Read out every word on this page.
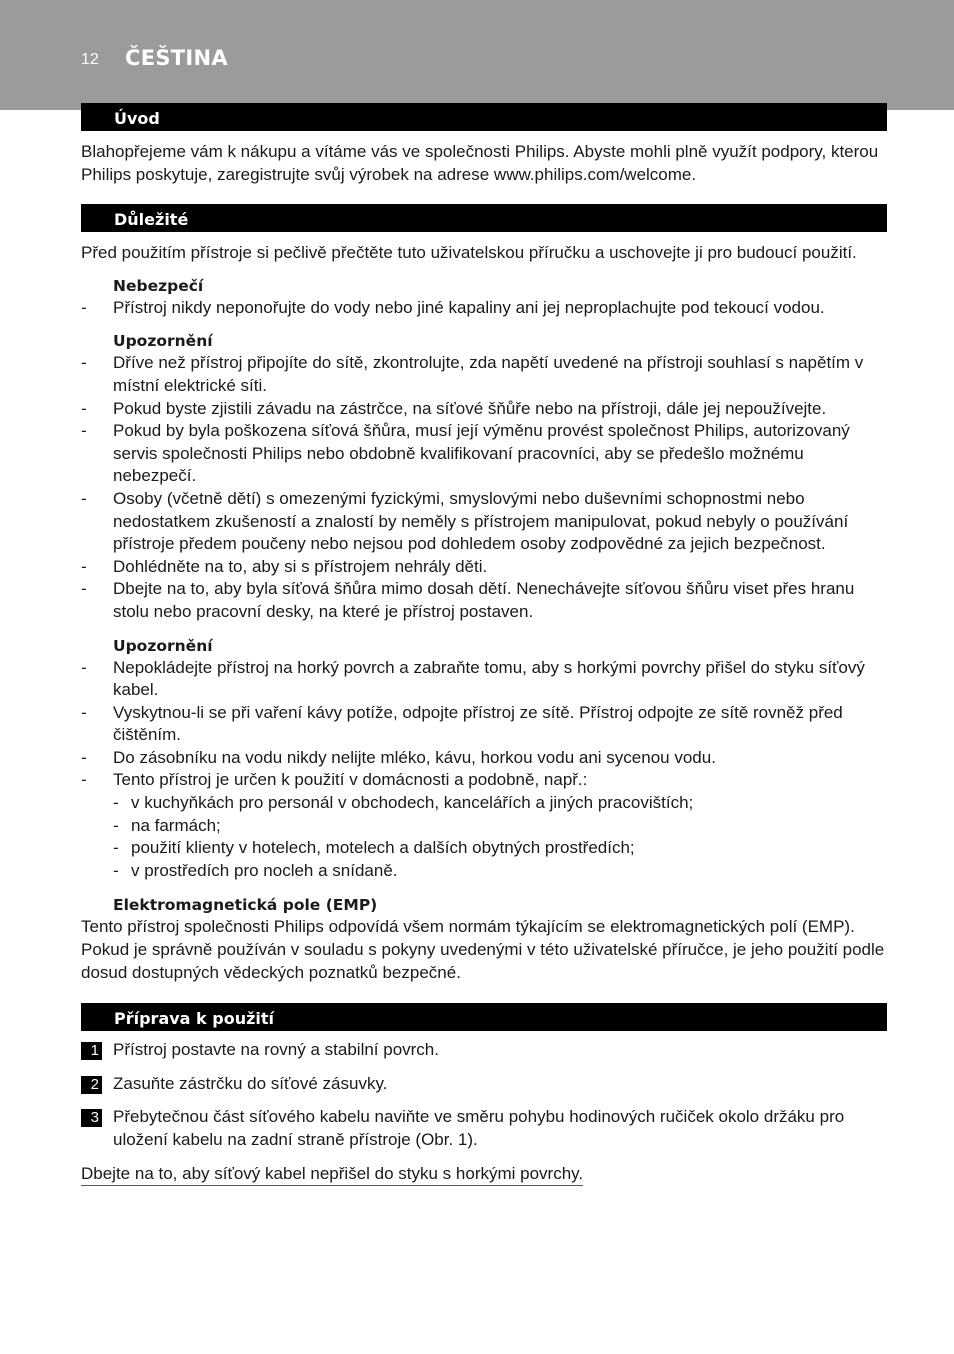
12 ČEŠTINA
Úvod

Blahopřejeme vám k nákupu a vítáme vás ve společnosti Philips. Abyste mohli plně využít podpory, kterou Philips poskytuje, zaregistrujte svůj výrobek na adrese www.philips.com/welcome.

Důležité

Před použitím přístroje si pečlivě přečtěte tuto uživatelskou příručku a uschovejte ji pro budoucí použití.

Nebezpečí
- Přístroj nikdy neponořujte do vody nebo jiné kapaliny ani jej neproplachujte pod tekoucí vodou.
Upozornění
- Dříve než přístroj připojíte do sítě, zkontrolujte, zda napětí uvedené na přístroji souhlasí s napětím v místní elektrické síti.
- Pokud byste zjistili závadu na zástrčce, na síťové šňůře nebo na přístroji, dále jej nepoužívejte.
- Pokud by byla poškozena síťová šňůra, musí její výměnu provést společnost Philips, autorizovaný servis společnosti Philips nebo obdobně kvalifikovaní pracovníci, aby se předešlo možnému nebezpečí.
- Osoby (včetně dětí) s omezenými fyzickými, smyslovými nebo duševními schopnostmi nebo nedostatkem zkušeností a znalostí by neměly s přístrojem manipulovat, pokud nebyly o používání přístroje předem poučeny nebo nejsou pod dohledem osoby zodpovědné za jejich bezpečnost.
- Dohlédněte na to, aby si s přístrojem nehrály děti.
- Dbejte na to, aby byla síťová šňůra mimo dosah dětí. Nenechávejte síťovou šňůru viset přes hranu stolu nebo pracovní desky, na které je přístroj postaven.
Upozornění
- Nepokládejte přístroj na horký povrch a zabraňte tomu, aby s horkými povrchy přišel do styku síťový kabel.
- Vyskytnou-li se při vaření kávy potíže, odpojte přístroj ze sítě. Přístroj odpojte ze sítě rovněž před čištěním.
- Do zásobníku na vodu nikdy nelijte mléko, kávu, horkou vodu ani sycenou vodu.
- Tento přístroj je určen k použití v domácnosti a podobně, např.:
- v kuchyňkách pro personál v obchodech, kancelářích a jiných pracovištích;
- na farmách;
- použití klienty v hotelech, motelech a dalších obytných prostředích;
- v prostředích pro nocleh a snídaně.
Elektromagnetická pole (EMP)

Tento přístroj společnosti Philips odpovídá všem normám týkajícím se elektromagnetických polí (EMP). Pokud je správně používán v souladu s pokyny uvedenými v této uživatelské příručce, je jeho použití podle dosud dostupných vědeckých poznatků bezpečné.

Příprava k použití
1 Přístroj postavte na rovný a stabilní povrch.
2 Zasuňte zástrčku do síťové zásuvky.
3 Přebytečnou část síťového kabelu naviňte ve směru pohybu hodinových ručiček okolo držáku pro uložení kabelu na zadní straně přístroje (Obr. 1).
Dbejte na to, aby síťový kabel nepřišel do styku s horkými povrchy.
